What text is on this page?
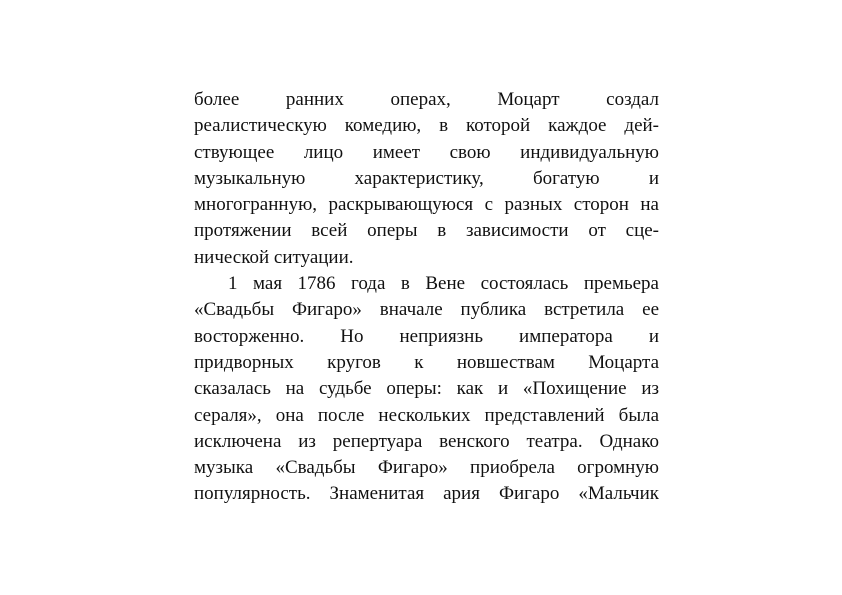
более ранних операх, Моцарт создал
реалистическую комедию, в которой каждое дей-
ствующее лицо имеет свою индивидуальную
музыкальную характеристику, богатую и
многогранную, раскрывающуюся с разных сторон на
протяжении всей оперы в зависимости от сце-
нической ситуации.
1 мая 1786 года в Вене состоялась премьера
«Свадьбы Фигаро» вначале публика встретила ее
восторженно. Но неприязнь императора и
придворных кругов к новшествам Моцарта
сказалась на судьбе оперы: как и «Похищение из
сераля», она после нескольких представлений была
исключена из репертуара венского театра. Однако
музыка «Свадьбы Фигаро» приобрела огромную
популярность. Знаменитая ария Фигаро «Мальчик
